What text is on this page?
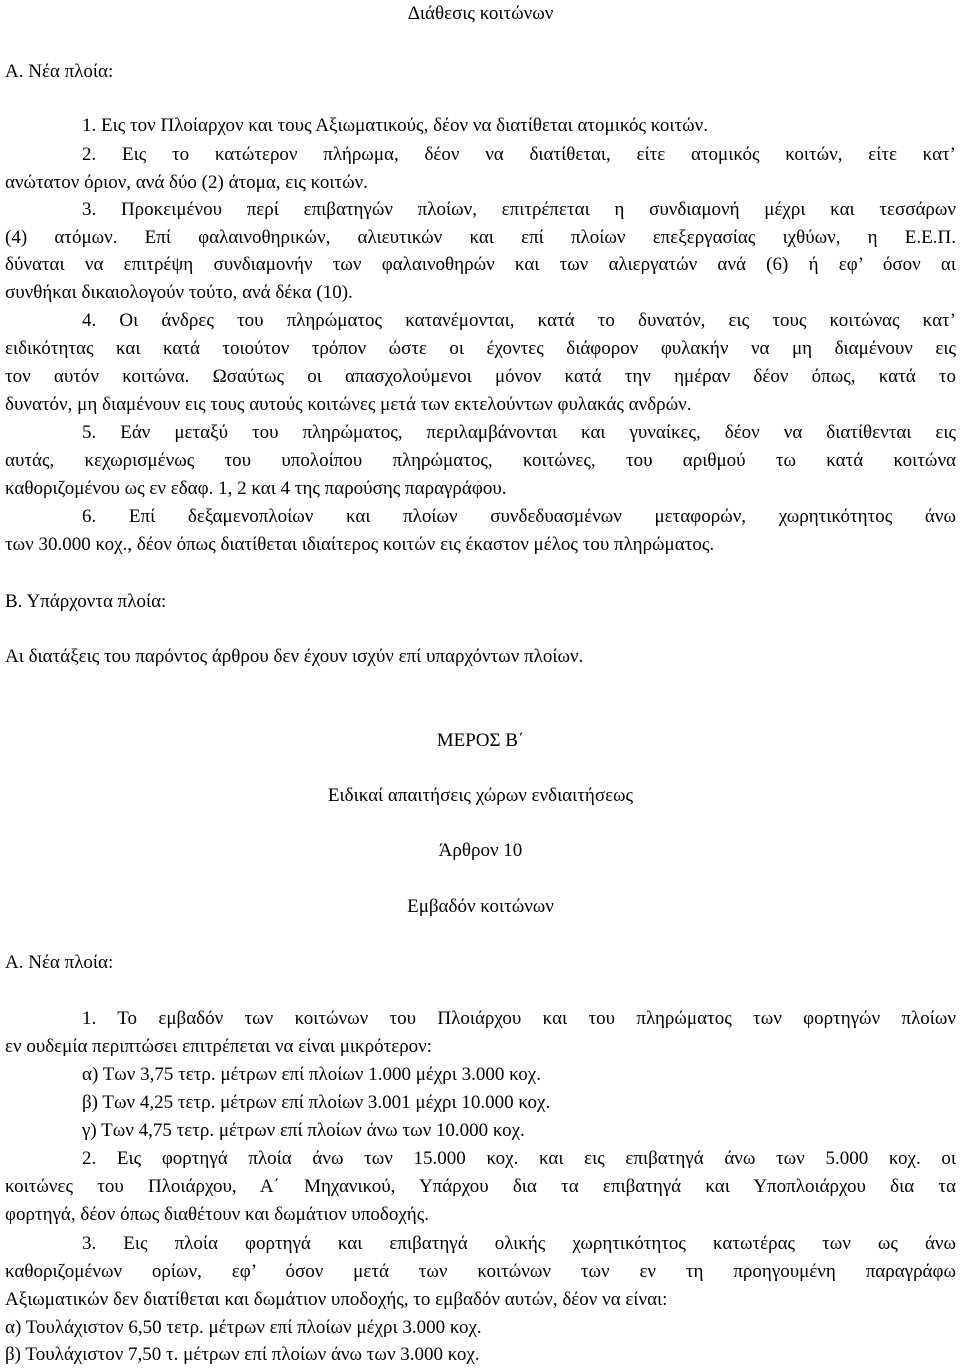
Διάθεσις κοιτώνων
Α. Νέα πλοία:
1. Εις τον Πλοίαρχον και τους Αξιωματικούς, δέον να διατίθεται ατομικός κοιτών.
2. Εις το κατώτερον πλήρωμα, δέον να διατίθεται, είτε ατομικός κοιτών, είτε κατ’
ανώτατον όριον, ανά δύο (2) άτομα, εις κοιτών.
3. Προκειμένου περί επιβατηγών πλοίων, επιτρέπεται η συνδιαμονή μέχρι και τεσσάρων
(4) ατόμων. Επί φαλαινοθηρικών, αλιευτικών και επί πλοίων επεξεργασίας ιχθύων, η Ε.Ε.Π.
δύναται να επιτρέψη συνδιαμονήν των φαλαινοθηρών και των αλιεργατών ανά (6) ή εφ’ όσον αι
συνθήκαι δικαιολογούν τούτο, ανά δέκα (10).
4. Οι άνδρες του πληρώματος κατανέμονται, κατά το δυνατόν, εις τους κοιτώνας κατ’
ειδικότητας και κατά τοιούτον τρόπον ώστε οι έχοντες διάφορον φυλακήν να μη διαμένουν εις
τον αυτόν κοιτώνα. Ωσαύτως οι απασχολούμενοι μόνον κατά την ημέραν δέον όπως, κατά το
δυνατόν, μη διαμένουν εις τους αυτούς κοιτώνες μετά των εκτελούντων φυλακάς ανδρών.
5. Εάν μεταξύ του πληρώματος, περιλαμβάνονται και γυναίκες, δέον να διατίθενται εις
αυτάς, κεχωρισμένως του υπολοίπου πληρώματος, κοιτώνες, του αριθμού τω κατά κοιτώνα
καθοριζομένου ως εν εδαφ. 1, 2 και 4 της παρούσης παραγράφου.
6. Επί δεξαμενοπλοίων και πλοίων συνδεδυασμένων μεταφορών, χωρητικότητος άνω
των 30.000 κοχ., δέον όπως διατίθεται ιδιαίτερος κοιτών εις έκαστον μέλος του πληρώματος.
Β. Υπάρχοντα πλοία:
Αι διατάξεις του παρόντος άρθρου δεν έχουν ισχύν επί υπαρχόντων πλοίων.
ΜΕΡΟΣ Β΄
Ειδικαί απαιτήσεις χώρων ενδιαιτήσεως
Άρθρον 10
Εμβαδόν κοιτώνων
Α. Νέα πλοία:
1. Το εμβαδόν των κοιτώνων του Πλοιάρχου και του πληρώματος των φορτηγών πλοίων
εν ουδεμία περιπτώσει επιτρέπεται να είναι μικρότερον:
α) Των 3,75 τετρ. μέτρων επί πλοίων 1.000 μέχρι 3.000 κοχ.
β) Των 4,25 τετρ. μέτρων επί πλοίων 3.001 μέχρι 10.000 κοχ.
γ) Των 4,75 τετρ. μέτρων επί πλοίων άνω των 10.000 κοχ.
2. Εις φορτηγά πλοία άνω των 15.000 κοχ. και εις επιβατηγά άνω των 5.000 κοχ. οι
κοιτώνες του Πλοιάρχου, Α΄ Μηχανικού, Υπάρχου δια τα επιβατηγά και Υποπλοιάρχου δια τα
φορτηγά, δέον όπως διαθέτουν και δωμάτιον υποδοχής.
3. Εις πλοία φορτηγά και επιβατηγά ολικής χωρητικότητος κατωτέρας των ως άνω
καθοριζομένων ορίων, εφ’ όσον μετά των κοιτώνων των εν τη προηγουμένη παραγράφω
Αξιωματικών δεν διατίθεται και δωμάτιον υποδοχής, το εμβαδόν αυτών, δέον να είναι:
α) Τουλάχιστον 6,50 τετρ. μέτρων επί πλοίων μέχρι 3.000 κοχ.
β) Τουλάχιστον 7,50 τ. μέτρων επί πλοίων άνω των 3.000 κοχ.
